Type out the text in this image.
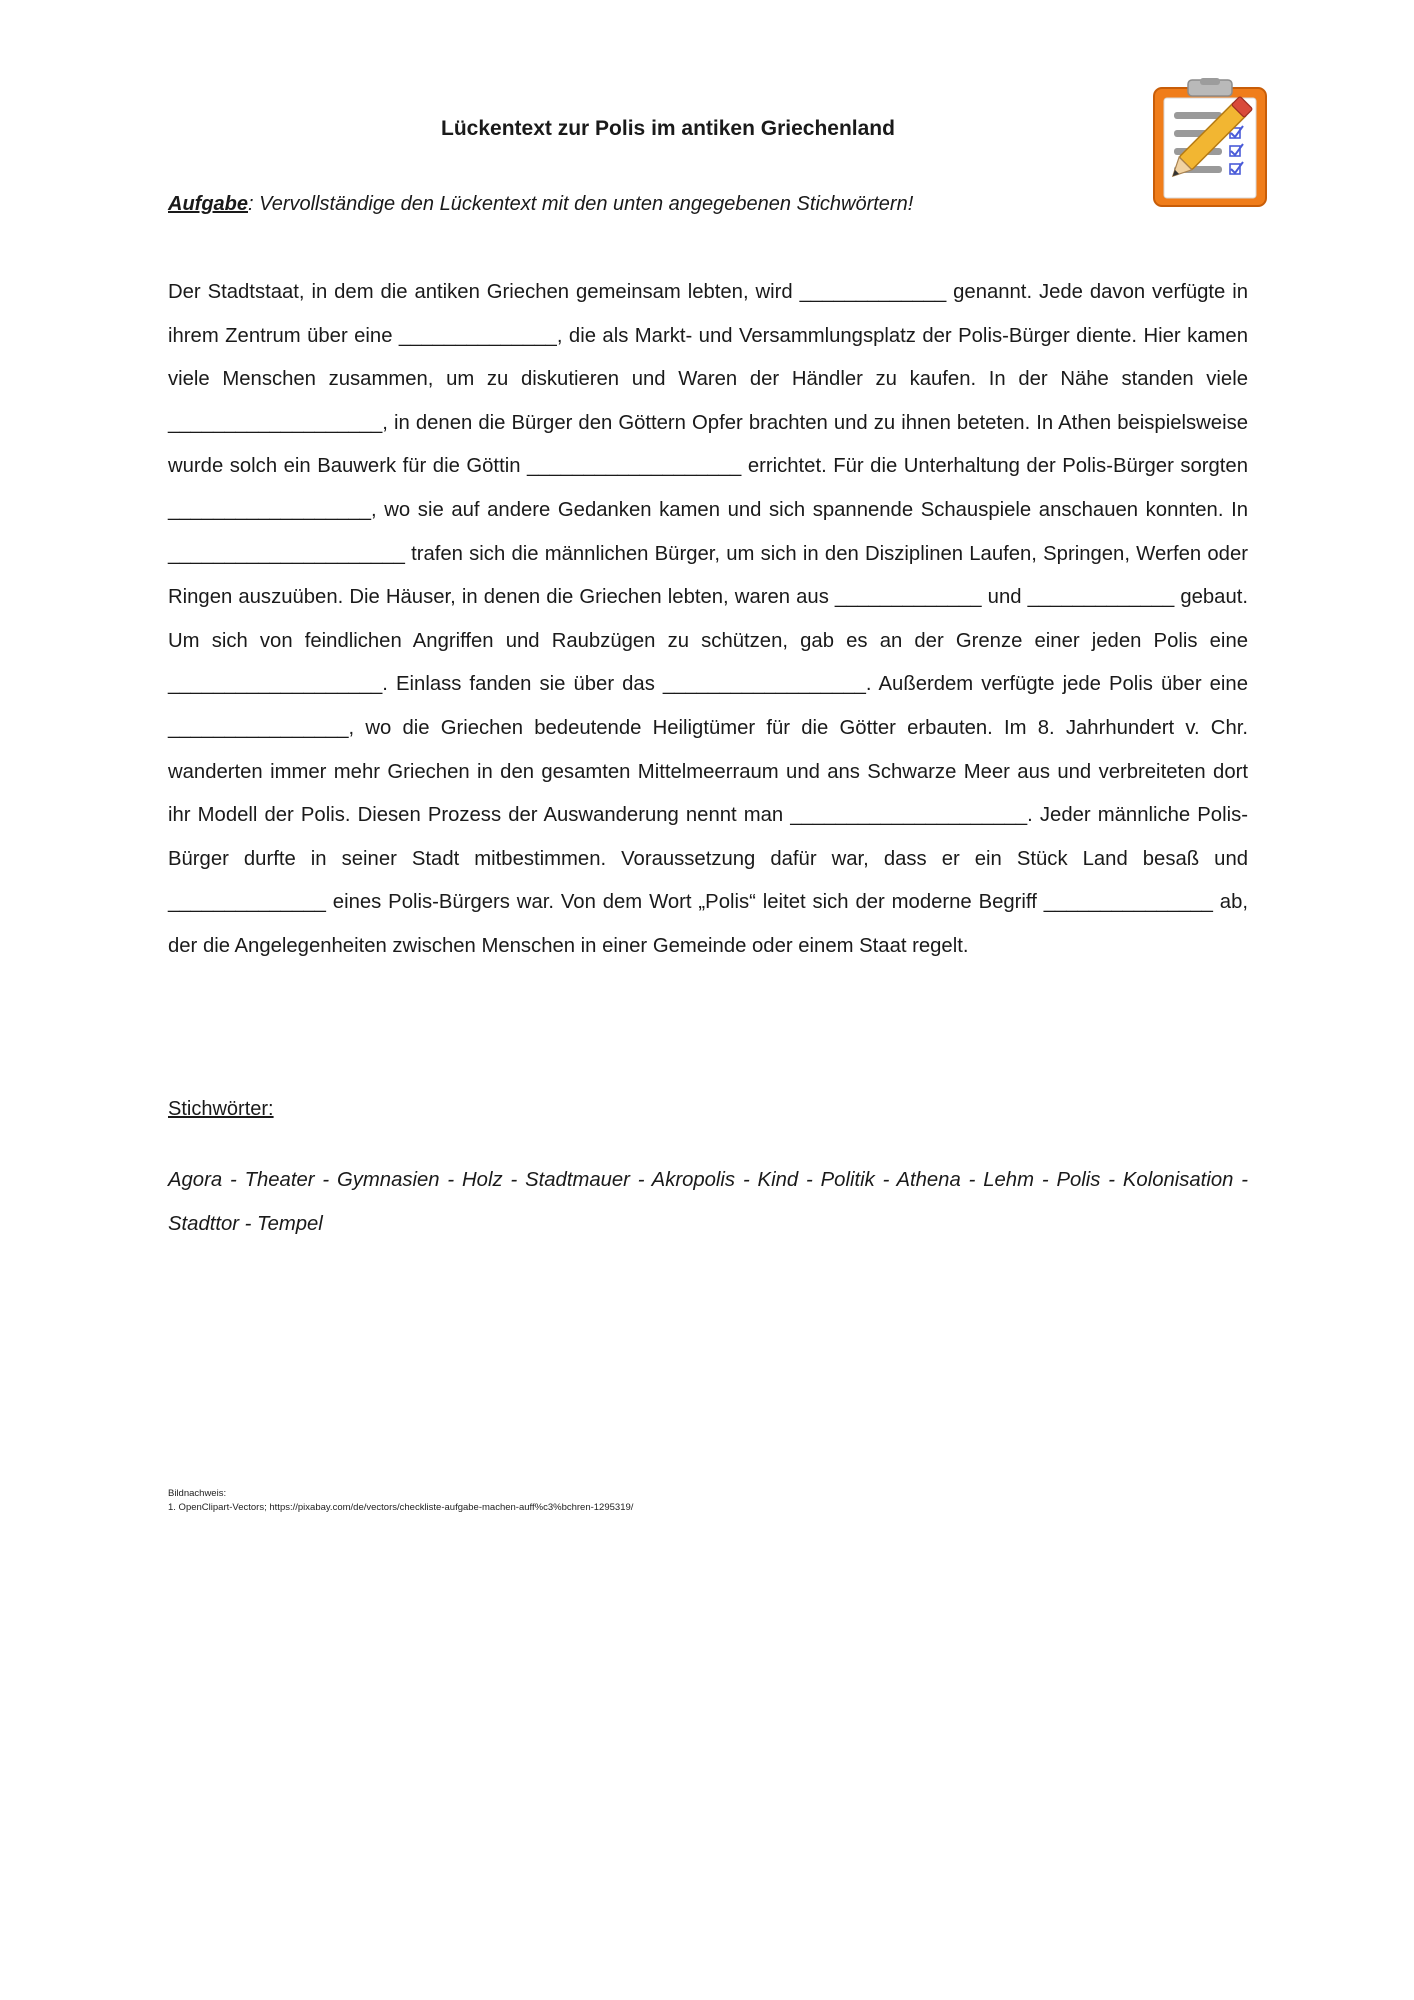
Lückentext zur Polis im antiken Griechenland

Aufgabe: Vervollständige den Lückentext mit den unten angegebenen Stichwörtern!

Der Stadtstaat, in dem die antiken Griechen gemeinsam lebten, wird _____________ genannt. Jede davon verfügte in ihrem Zentrum über eine ______________, die als Markt- und Versammlungsplatz der Polis-Bürger diente. Hier kamen viele Menschen zusammen, um zu diskutieren und Waren der Händler zu kaufen. In der Nähe standen viele ___________________, in denen die Bürger den Göttern Opfer brachten und zu ihnen beteten. In Athen beispielsweise wurde solch ein Bauwerk für die Göttin ___________________ errichtet. Für die Unterhaltung der Polis-Bürger sorgten __________________, wo sie auf andere Gedanken kamen und sich spannende Schauspiele anschauen konnten. In _____________________ trafen sich die männlichen Bürger, um sich in den Disziplinen Laufen, Springen, Werfen oder Ringen auszuüben. Die Häuser, in denen die Griechen lebten, waren aus _____________ und _____________ gebaut. Um sich von feindlichen Angriffen und Raubzügen zu schützen, gab es an der Grenze einer jeden Polis eine ___________________. Einlass fanden sie über das __________________. Außerdem verfügte jede Polis über eine ________________, wo die Griechen bedeutende Heiligtümer für die Götter erbauten. Im 8. Jahrhundert v. Chr. wanderten immer mehr Griechen in den gesamten Mittelmeerraum und ans Schwarze Meer aus und verbreiteten dort ihr Modell der Polis. Diesen Prozess der Auswanderung nennt man _____________________. Jeder männliche Polis-Bürger durfte in seiner Stadt mitbestimmen. Voraussetzung dafür war, dass er ein Stück Land besaß und ______________ eines Polis-Bürgers war. Von dem Wort „Polis“ leitet sich der moderne Begriff _______________ ab, der die Angelegenheiten zwischen Menschen in einer Gemeinde oder einem Staat regelt.

Stichwörter:

Agora - Theater - Gymnasien - Holz - Stadtmauer - Akropolis - Kind - Politik - Athena - Lehm - Polis - Kolonisation - Stadttor - Tempel

Bildnachweis:

1. OpenClipart-Vectors; https://pixabay.com/de/vectors/checkliste-aufgabe-machen-auff%c3%bchren-1295319/
